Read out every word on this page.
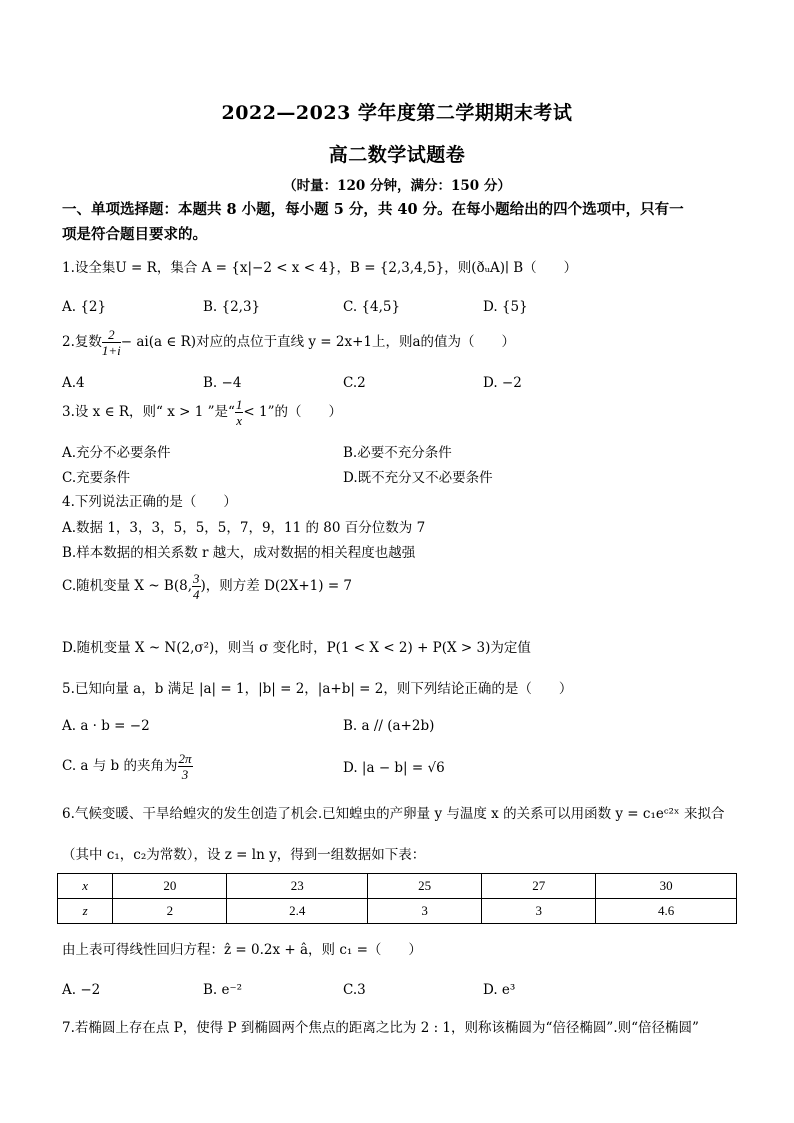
2022—2023 学年度第二学期期末考试
高二数学试题卷
（时量：120 分钟，满分：150 分）
一、单项选择题：本题共 8 小题，每小题 5 分，共 40 分。在每小题给出的四个选项中，只有一
项是符合题目要求的。
1.设全集U = R，集合 A = {x|−2 < x < 4}，B = {2,3,4,5}，则(ðᵤA)∣ B（　　）
A. {2}	B. {2,3}	C. {4,5}	D. {5}
2.复数 $\frac{2}{1+i} - ai(a$ ∈ R)对应的点位于直线 y = 2x+1上，则a的值为（　　）
A.4	B. −4	C.2	D. −2
3.设 x ∈ R，则“ x > 1 ”是“ $\frac{1}{x} < 1$”的（　　）
A.充分不必要条件	B.必要不充分条件
C.充要条件	D.既不充分又不必要条件
4.下列说法正确的是（　　）
A.数据 1，3，3，5，5，5，7，9，11 的 80 百分位数为 7
B.样本数据的相关系数 r 越大，成对数据的相关程度也越强
C.随机变量 X ~ B(8, $\frac{3}{4}$ )，则方差 D(2X+1) = 7
D.随机变量 X ~ N(2,σ²)，则当 σ 变化时，P(1 < X < 2) + P(X > 3)为定值
5.已知向量 a，b 满足 |a| = 1，|b| = 2，|a+b| = 2，则下列结论正确的是（　　）
A. a · b = −2	B. a // (a+2b)
C. a 与 b 的夹角为 $\frac{2\pi}{3}$	D. |a − b| = √6
6.气候变暖、干旱给蝗灾的发生创造了机会.已知蝗虫的产卵量 y 与温度 x 的关系可以用函数 y = c₁eᶜ²ˣ 来拟合
（其中 c₁，c₂为常数），设 z = ln y，得到一组数据如下表：
x	20	23	25	27	30
z	2	2.4	3	3	4.6
由上表可得线性回归方程：ẑ = 0.2x + â，则 c₁ =（　　）
A. −2	B. e⁻²	C.3	D. e³
7.若椭圆上存在点 P，使得 P 到椭圆两个焦点的距离之比为 2 : 1，则称该椭圆为“倍径椭圆”.则“倍径椭圆”
